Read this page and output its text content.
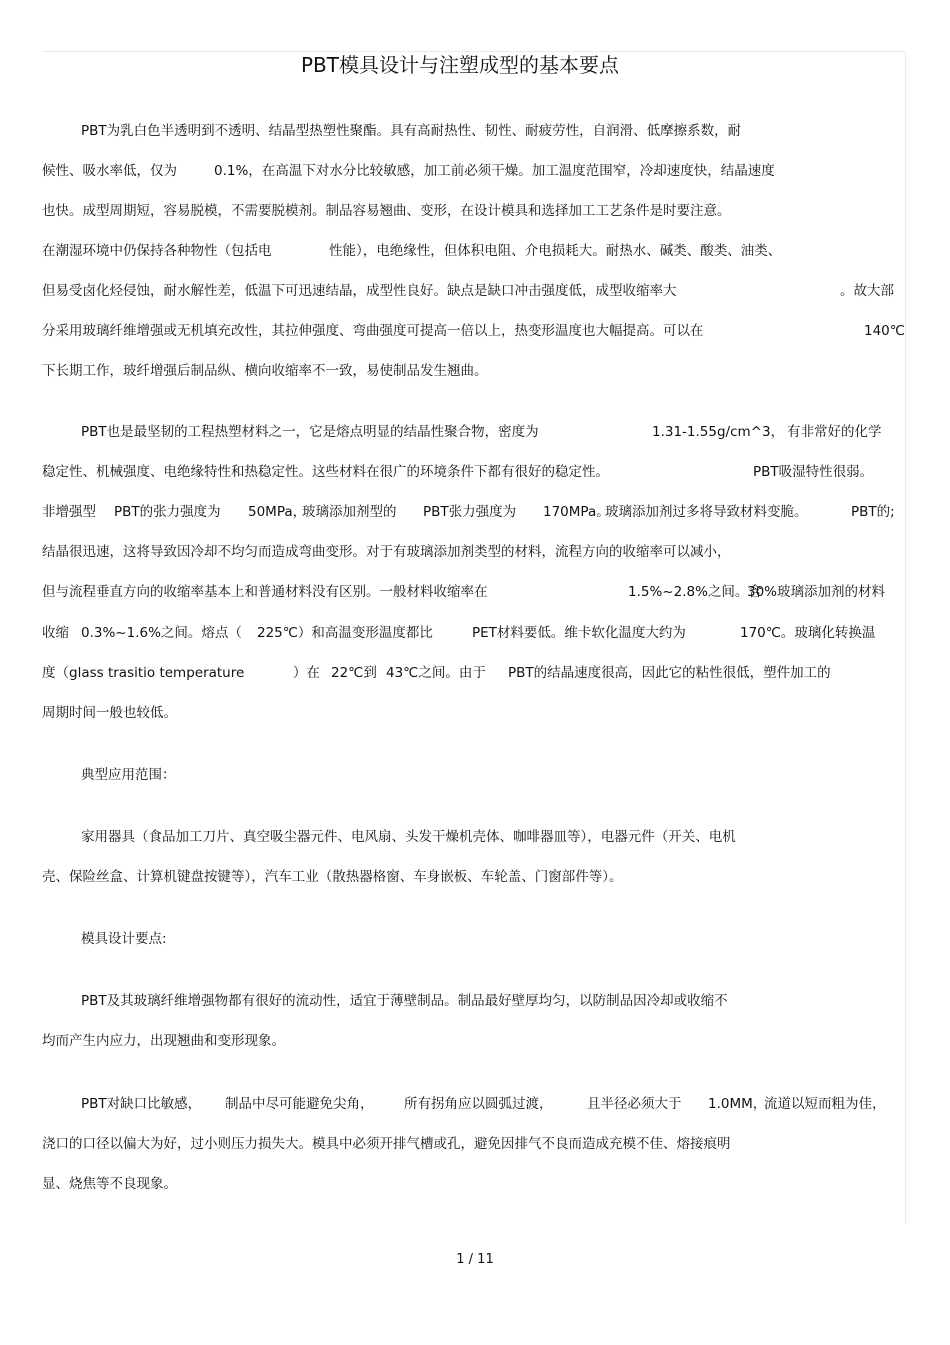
PBT模具设计与注塑成型的基本要点
PBT为乳白色半透明到不透明、结晶型热塑性聚酯。具有高耐热性、韧性、耐疲劳性，自润滑、低摩擦系数，耐
候性、吸水率低，仅为	0.1%，在高温下对水分比较敏感，加工前必须干燥。加工温度范围窄，冷却速度快，结晶速度
也快。成型周期短，容易脱模，不需要脱模剂。制品容易翘曲、变形，在设计模具和选择加工工艺条件是时要注意。
在潮湿环境中仍保持各种物性（包括电	性能），电绝缘性，但体积电阻、介电损耗大。耐热水、碱类、酸类、油类、
但易受卤化烃侵蚀，耐水解性差，低温下可迅速结晶，成型性良好。缺点是缺口冲击强度低，成型收缩率大	。故大部
分采用玻璃纤维增强或无机填充改性，其拉伸强度、弯曲强度可提高一倍以上，热变形温度也大幅提高。可以在	140℃
下长期工作，玻纤增强后制品纵、横向收缩率不一致，易使制品发生翘曲。
PBT也是最坚韧的工程热塑材料之一，它是熔点明显的结晶性聚合物，密度为	1.31-1.55g/cm^3， 有非常好的化学
稳定性、机械强度、电绝缘特性和热稳定性。这些材料在很广的环境条件下都有很好的稳定性。	PBT吸湿特性很弱。
非增强型 PBT的张力强度为 50MPa，
玻璃添加剂型的 PBT张力强度为 170MPa。
玻璃添加剂过多将导致材料变脆。	PBT的;
结晶很迅速，这将导致因冷却不均匀而造成弯曲变形。对于有玻璃添加剂类型的材料，流程方向的收缩率可以减小，
但与流程垂直方向的收缩率基本上和普通材料没有区别。一般材料收缩率在	1.5%~2.8%之间。含
30%玻璃添加剂的材料
收缩 0.3%~1.6%之间。熔点（ 225℃）和高温变形温度都比	PET材料要低。维卡软化温度大约为	170℃。玻璃化转换温
度（glass trasitio temperature	）在 22℃到 43℃之间。由于 PBT的结晶速度很高，因此它的粘性很低，塑件加工的
周期时间一般也较低。
典型应用范围：
家用器具（食品加工刀片、真空吸尘器元件、电风扇、头发干燥机壳体、咖啡器皿等），电器元件（开关、电机
壳、保险丝盒、计算机键盘按键等），汽车工业（散热器格窗、车身嵌板、车轮盖、门窗部件等）。
模具设计要点:
PBT及其玻璃纤维增强物都有很好的流动性，适宜于薄壁制品。制品最好壁厚均匀，以防制品因冷却或收缩不
均而产生内应力，出现翘曲和变形现象。
PBT对缺口比敏感， 制品中尽可能避免尖角， 所有拐角应以圆弧过渡，	且半径必须大于 1.0MM，
流道以短而粗为佳，
浇口的口径以偏大为好，过小则压力损失大。模具中必须开排气槽或孔，避免因排气不良而造成充模不佳、熔接痕明
显、烧焦等不良现象。
1 / 11
